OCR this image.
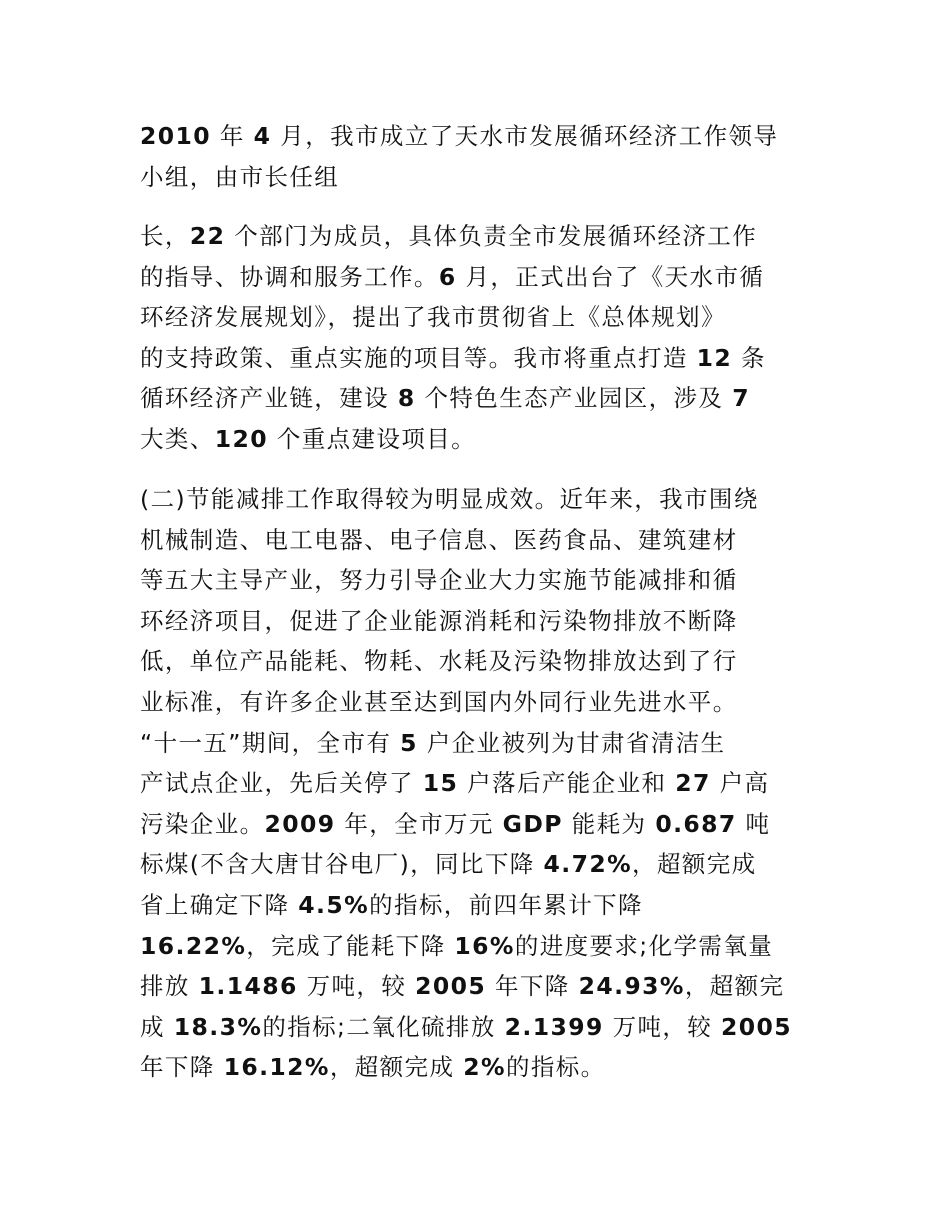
2010 年 4 月，我市成立了天水市发展循环经济工作领导
小组，由市长任组
长，22 个部门为成员，具体负责全市发展循环经济工作
的指导、协调和服务工作。6 月，正式出台了《天水市循
环经济发展规划》，提出了我市贯彻省上《总体规划》
的支持政策、重点实施的项目等。我市将重点打造 12 条
循环经济产业链，建设 8 个特色生态产业园区，涉及 7
大类、120 个重点建设项目。
(二)节能减排工作取得较为明显成效。近年来，我市围绕
机械制造、电工电器、电子信息、医药食品、建筑建材
等五大主导产业，努力引导企业大力实施节能减排和循
环经济项目，促进了企业能源消耗和污染物排放不断降
低，单位产品能耗、物耗、水耗及污染物排放达到了行
业标准，有许多企业甚至达到国内外同行业先进水平。
“十一五”期间，全市有 5 户企业被列为甘肃省清洁生
产试点企业，先后关停了 15 户落后产能企业和 27 户高
污染企业。2009 年，全市万元 GDP 能耗为 0.687 吨
标煤(不含大唐甘谷电厂)，同比下降 4.72%，超额完成
省上确定下降 4.5%的指标，前四年累计下降
16.22%，完成了能耗下降 16%的进度要求;化学需氧量
排放 1.1486 万吨，较 2005 年下降 24.93%，超额完
成 18.3%的指标;二氧化硫排放 2.1399 万吨，较 2005
年下降 16.12%，超额完成 2%的指标。
